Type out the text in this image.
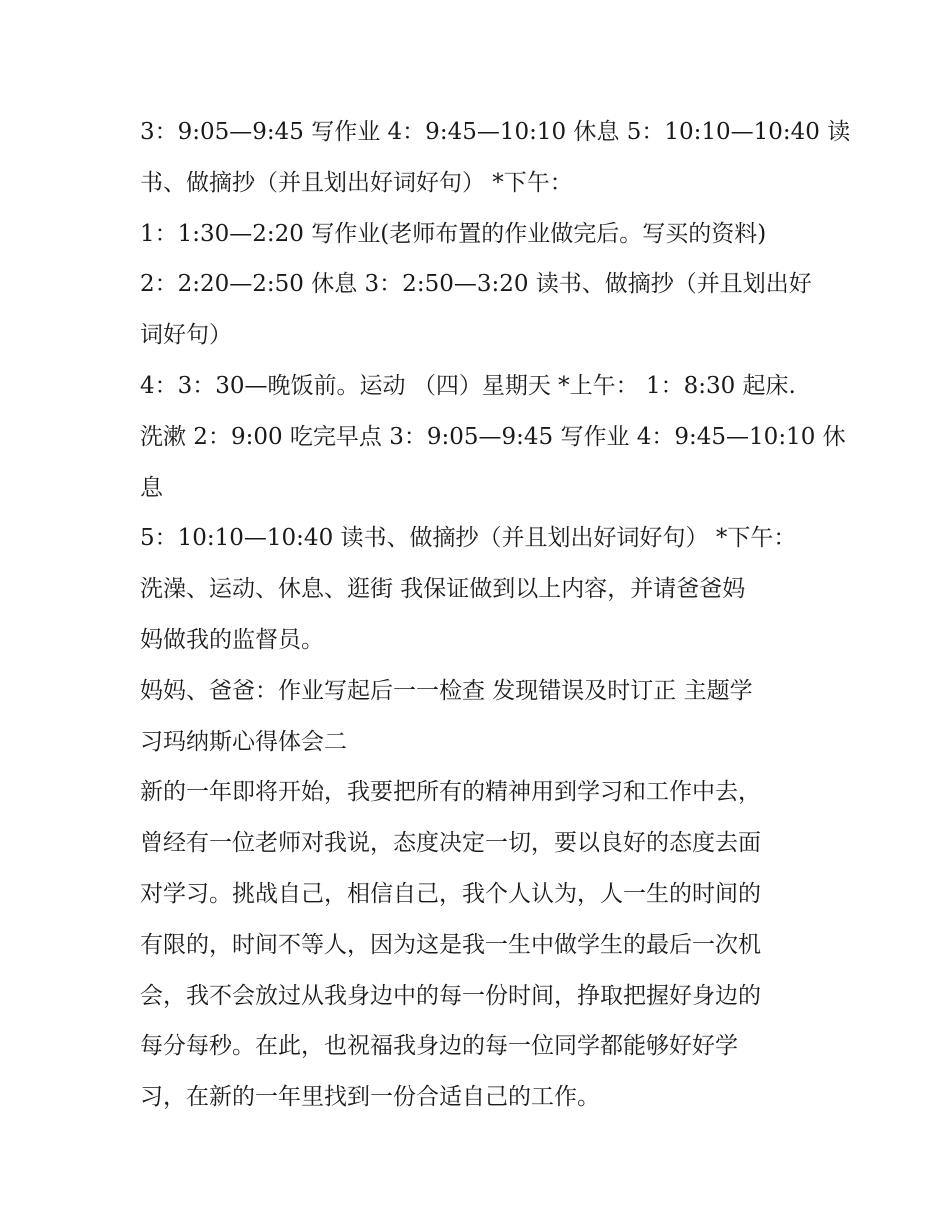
3：9:05—9:45 写作业 4：9:45—10:10 休息 5：10:10—10:40 读
书、做摘抄（并且划出好词好句） *下午：
1：1:30—2:20 写作业(老师布置的作业做完后。写买的资料)
2：2:20—2:50 休息 3：2:50—3:20 读书、做摘抄（并且划出好
词好句）
4：3：30—晚饭前。运动 （四）星期天 *上午： 1：8:30 起床.
洗漱 2：9:00 吃完早点 3：9:05—9:45 写作业 4：9:45—10:10 休
息
5：10:10—10:40 读书、做摘抄（并且划出好词好句） *下午：
洗澡、运动、休息、逛街 我保证做到以上内容，并请爸爸妈
妈做我的监督员。
妈妈、爸爸：作业写起后一一检查 发现错误及时订正 主题学
习玛纳斯心得体会二
新的一年即将开始，我要把所有的精神用到学习和工作中去，
曾经有一位老师对我说，态度决定一切，要以良好的态度去面
对学习。挑战自己，相信自己，我个人认为，人一生的时间的
有限的，时间不等人，因为这是我一生中做学生的最后一次机
会，我不会放过从我身边中的每一份时间，挣取把握好身边的
每分每秒。在此，也祝福我身边的每一位同学都能够好好学
习，在新的一年里找到一份合适自己的工作。
